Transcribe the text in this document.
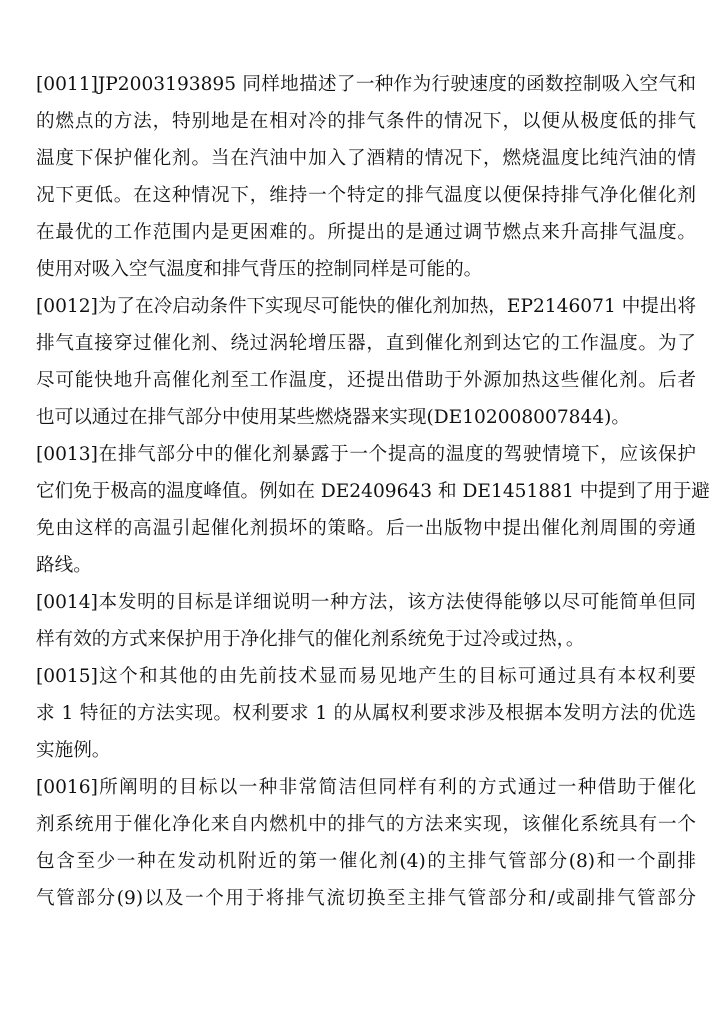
[0011]JP2003193895 同样地描述了一种作为行驶速度的函数控制吸入空气和
的燃点的方法，特别地是在相对冷的排气条件的情况下，以便从极度低的排气
温度下保护催化剂。当在汽油中加入了酒精的情况下，燃烧温度比纯汽油的情
况下更低。在这种情况下，维持一个特定的排气温度以便保持排气净化催化剂
在最优的工作范围内是更困难的。所提出的是通过调节燃点来升高排气温度。
使用对吸入空气温度和排气背压的控制同样是可能的。
[0012]为了在冷启动条件下实现尽可能快的催化剂加热，EP2146071 中提出将
排气直接穿过催化剂、绕过涡轮增压器，直到催化剂到达它的工作温度。为了
尽可能快地升高催化剂至工作温度，还提出借助于外源加热这些催化剂。后者
也可以通过在排气部分中使用某些燃烧器来实现(DE102008007844)。
[0013]在排气部分中的催化剂暴露于一个提高的温度的驾驶情境下，应该保护
它们免于极高的温度峰值。例如在 DE2409643 和 DE1451881 中提到了用于避
免由这样的高温引起催化剂损坏的策略。后一出版物中提出催化剂周围的旁通
路线。
[0014]本发明的目标是详细说明一种方法，该方法使得能够以尽可能简单但同
样有效的方式来保护用于净化排气的催化剂系统免于过冷或过热，。
[0015]这个和其他的由先前技术显而易见地产生的目标可通过具有本权利要
求 1 特征的方法实现。权利要求 1 的从属权利要求涉及根据本发明方法的优选
实施例。
[0016]所阐明的目标以一种非常简洁但同样有利的方式通过一种借助于催化
剂系统用于催化净化来自内燃机中的排气的方法来实现，该催化系统具有一个
包含至少一种在发动机附近的第一催化剂(4)的主排气管部分(8)和一个副排
气管部分(9)以及一个用于将排气流切换至主排气管部分和/或副排气管部分
